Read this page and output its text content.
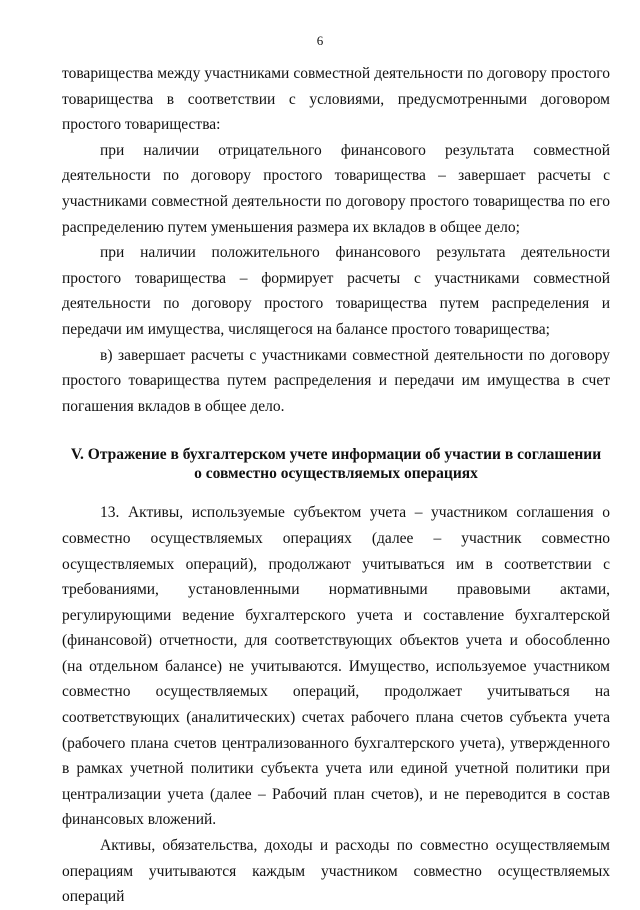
6

товарищества между участниками совместной деятельности по договору простого товарищества в соответствии с условиями, предусмотренными договором простого товарищества:

при наличии отрицательного финансового результата совместной деятельности по договору простого товарищества – завершает расчеты с участниками совместной деятельности по договору простого товарищества по его распределению путем уменьшения размера их вкладов в общее дело;

при наличии положительного финансового результата деятельности простого товарищества – формирует расчеты с участниками совместной деятельности по договору простого товарищества путем распределения и передачи им имущества, числящегося на балансе простого товарищества;

в) завершает расчеты с участниками совместной деятельности по договору простого товарищества путем распределения и передачи им имущества в счет погашения вкладов в общее дело.

V. Отражение в бухгалтерском учете информации об участии в соглашении
о совместно осуществляемых операциях

13. Активы, используемые субъектом учета – участником соглашения о совместно осуществляемых операциях (далее – участник совместно осуществляемых операций), продолжают учитываться им в соответствии с требованиями, установленными нормативными правовыми актами, регулирующими ведение бухгалтерского учета и составление бухгалтерской (финансовой) отчетности, для соответствующих объектов учета и обособленно (на отдельном балансе) не учитываются. Имущество, используемое участником совместно осуществляемых операций, продолжает учитываться на соответствующих (аналитических) счетах рабочего плана счетов субъекта учета (рабочего плана счетов централизованного бухгалтерского учета), утвержденного в рамках учетной политики субъекта учета или единой учетной политики при централизации учета (далее – Рабочий план счетов), и не переводится в состав финансовых вложений.

Активы, обязательства, доходы и расходы по совместно осуществляемым операциям учитываются каждым участником совместно осуществляемых операций
